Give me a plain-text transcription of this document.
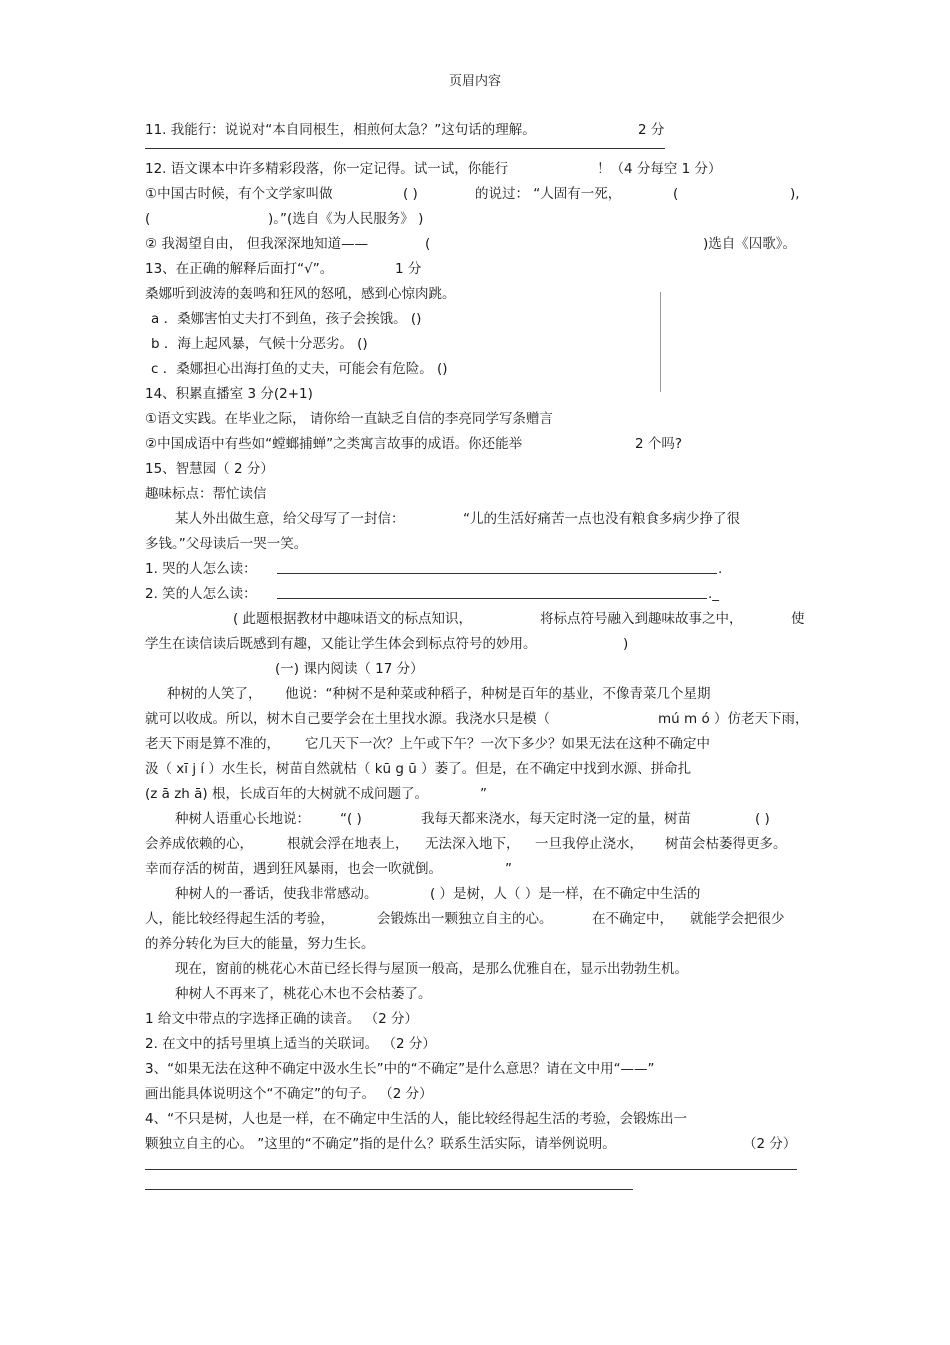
页眉内容
11. 我能行：说说对“本自同根生，相煎何太急？”这句话的理解。	2 分
12. 语文课本中许多精彩段落，你一定记得。试一试，你能行	！（4 分每空 1 分）
①中国古时候，有个文学家叫做	( )	的说过： “人固有一死，	(	),
(	)。”(选自《为人民服务》 )
② 我渴望自由， 但我深深地知道——	(	)选自《囚歌》。
13、在正确的解释后面打“√”。	1 分
桑娜听到波涛的轰鸣和狂风的怒吼，感到心惊肉跳。
a ．桑娜害怕丈夫打不到鱼，孩子会挨饿。 ()
b ．海上起风暴，气候十分恶劣。 ()
c ．桑娜担心出海打鱼的丈夫，可能会有危险。 ()
14、积累直播室 3 分(2+1)
①语文实践。在毕业之际， 请你给一直缺乏自信的李亮同学写条赠言
②中国成语中有些如“螳螂捕蝉”之类寓言故事的成语。你还能举	2 个吗?
15、智慧园（ 2 分）
趣味标点：帮忙读信
某人外出做生意，给父母写了一封信：	“儿的生活好痛苦一点也没有粮食多病少挣了很
多钱。”父母读后一哭一笑。
1. 哭的人怎么读：	.
2. 笑的人怎么读：	._
( 此题根据教材中趣味语文的标点知识，	将标点符号融入到趣味故事之中，	使
学生在读信读后既感到有趣，又能让学生体会到标点符号的妙用。	)
(一) 课内阅读（ 17 分）
种树的人笑了， 他说：“种树不是种菜或种稻子，种树是百年的基业，不像青菜几个星期
就可以收成。所以，树木自己要学会在土里找水源。我浇水只是模（	mú m ó ）仿老天下雨，
老天下雨是算不准的， 它几天下一次？上午或下午？一次下多少？如果无法在这种不确定中
汲（ xī j í ）水生长，树苗自然就枯（ kū g ū ）萎了。但是，在不确定中找到水源、拼命扎
(z ā zh ā) 根，长成百年的大树就不成问题了。	”
种树人语重心长地说： “( )	我每天都来浇水，每天定时浇一定的量，树苗	( )
会养成依赖的心，	根就会浮在地表上， 无法深入地下， 一旦我停止浇水， 树苗会枯萎得更多。
幸而存活的树苗，遇到狂风暴雨，也会一吹就倒。	”
种树人的一番话，使我非常感动。	( ）是树，人（ ）是一样，在不确定中生活的
人，能比较经得起生活的考验，	会锻炼出一颗独立自主的心。	在不确定中， 就能学会把很少
的养分转化为巨大的能量，努力生长。
现在，窗前的桃花心木苗已经长得与屋顶一般高，是那么优雅自在，显示出勃勃生机。
种树人不再来了，桃花心木也不会枯萎了。
1 给文中带点的字选择正确的读音。 （2 分）
2. 在文中的括号里填上适当的关联词。 （2 分）
3、“如果无法在这种不确定中汲水生长”中的“不确定”是什么意思？请在文中用“——”
画出能具体说明这个“不确定”的句子。 （2 分）
4、“不只是树，人也是一样，在不确定中生活的人，能比较经得起生活的考验，会锻炼出一
颗独立自主的心。 ”这里的“不确定”指的是什么？联系生活实际，请举例说明。	（2 分）
